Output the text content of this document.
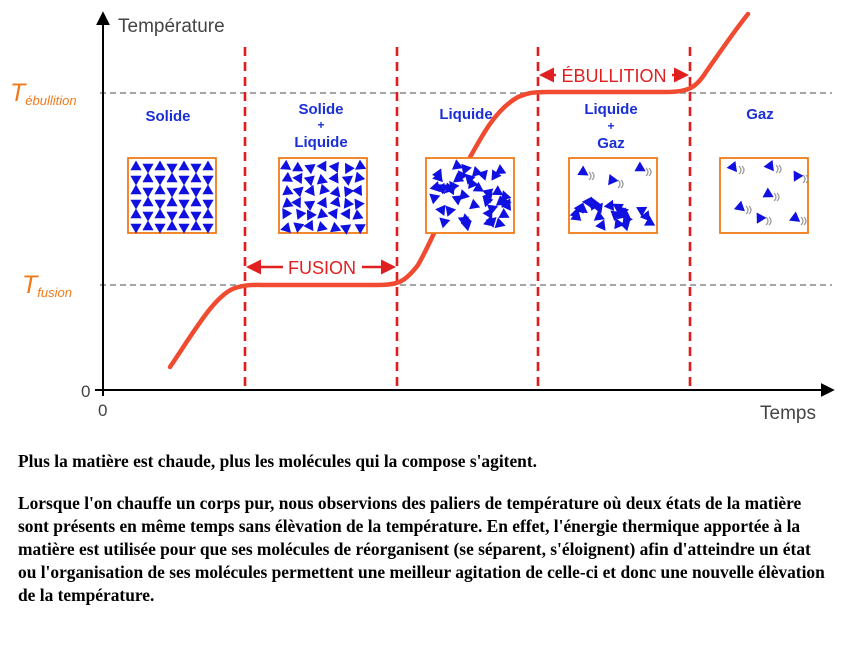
Température
Temps
0
0
$T_{ébullition}$
$T_{fusion}$
FUSION
ÉBULLITION
Solide	Solide
+
Liquide
Liquide	Liquide
+
Gaz
Gaz

Plus la matière est chaude, plus les molécules qui la compose s'agitent.

Lorsque l'on chauffe un corps pur, nous observions des paliers de température où deux états de la matière sont présents en même temps sans élèvation de la température. En effet, l'énergie thermique apportée à la matière est utilisée pour que ses molécules de réorganisent (se séparent, s'éloignent) afin d'atteindre un état ou l'organisation de ses molécules permettent une meilleur agitation de celle-ci et donc une nouvelle élèvation de la température.
